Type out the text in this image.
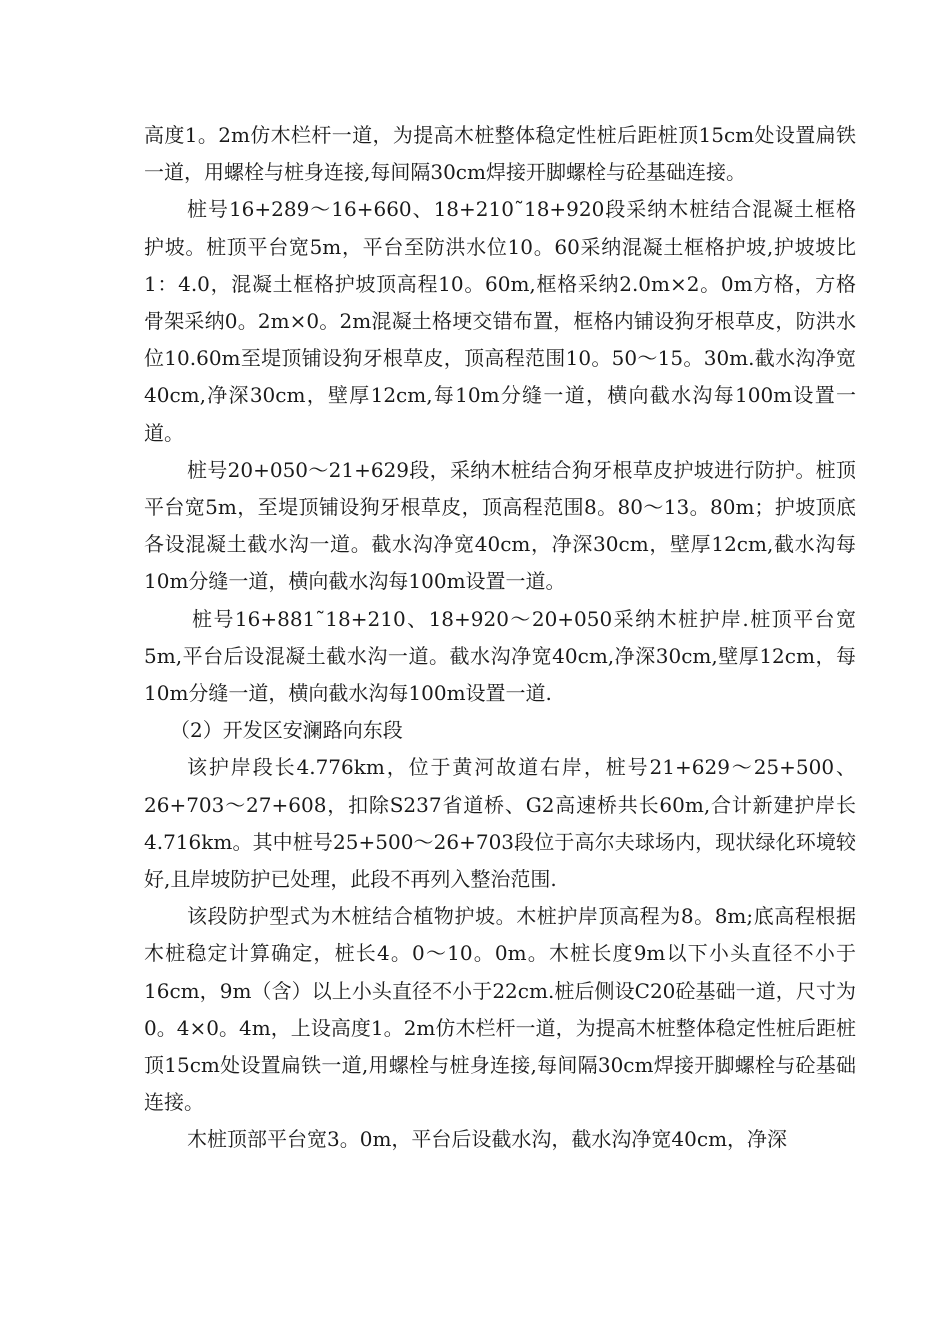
高度1。2m仿木栏杆一道，为提高木桩整体稳定性桩后距桩顶15cm处设置扁铁一道，用螺栓与桩身连接,每间隔30cm焊接开脚螺栓与砼基础连接。

桩号16+289～16+660、18+210˜18+920段采纳木桩结合混凝土框格护坡。桩顶平台宽5m，平台至防洪水位10。60采纳混凝土框格护坡,护坡坡比1：4.0，混凝土框格护坡顶高程10。60m,框格采纳2.0m×2。0m方格，方格骨架采纳0。2m×0。2m混凝土格埂交错布置，框格内铺设狗牙根草皮，防洪水位10.60m至堤顶铺设狗牙根草皮，顶高程范围10。50～15。30m.截水沟净宽40cm,净深30cm，壁厚12cm,每10m分缝一道，横向截水沟每100m设置一道。

桩号20+050～21+629段，采纳木桩结合狗牙根草皮护坡进行防护。桩顶平台宽5m，至堤顶铺设狗牙根草皮，顶高程范围8。80～13。80m；护坡顶底各设混凝土截水沟一道。截水沟净宽40cm，净深30cm，壁厚12cm,截水沟每10m分缝一道，横向截水沟每100m设置一道。

桩号16+881˜18+210、18+920～20+050采纳木桩护岸.桩顶平台宽5m,平台后设混凝土截水沟一道。截水沟净宽40cm,净深30cm,壁厚12cm，每10m分缝一道，横向截水沟每100m设置一道.

（2）开发区安澜路向东段

该护岸段长4.776km，位于黄河故道右岸，桩号21+629～25+500、26+703～27+608，扣除S237省道桥、G2高速桥共长60m,合计新建护岸长4.716km。其中桩号25+500～26+703段位于高尔夫球场内，现状绿化环境较好,且岸坡防护已处理，此段不再列入整治范围.

该段防护型式为木桩结合植物护坡。木桩护岸顶高程为8。8m;底高程根据木桩稳定计算确定，桩长4。0～10。0m。木桩长度9m以下小头直径不小于16cm，9m（含）以上小头直径不小于22cm.桩后侧设C20砼基础一道，尺寸为0。4×0。4m，上设高度1。2m仿木栏杆一道，为提高木桩整体稳定性桩后距桩顶15cm处设置扁铁一道,用螺栓与桩身连接,每间隔30cm焊接开脚螺栓与砼基础连接。

木桩顶部平台宽3。0m，平台后设截水沟，截水沟净宽40cm，净深
